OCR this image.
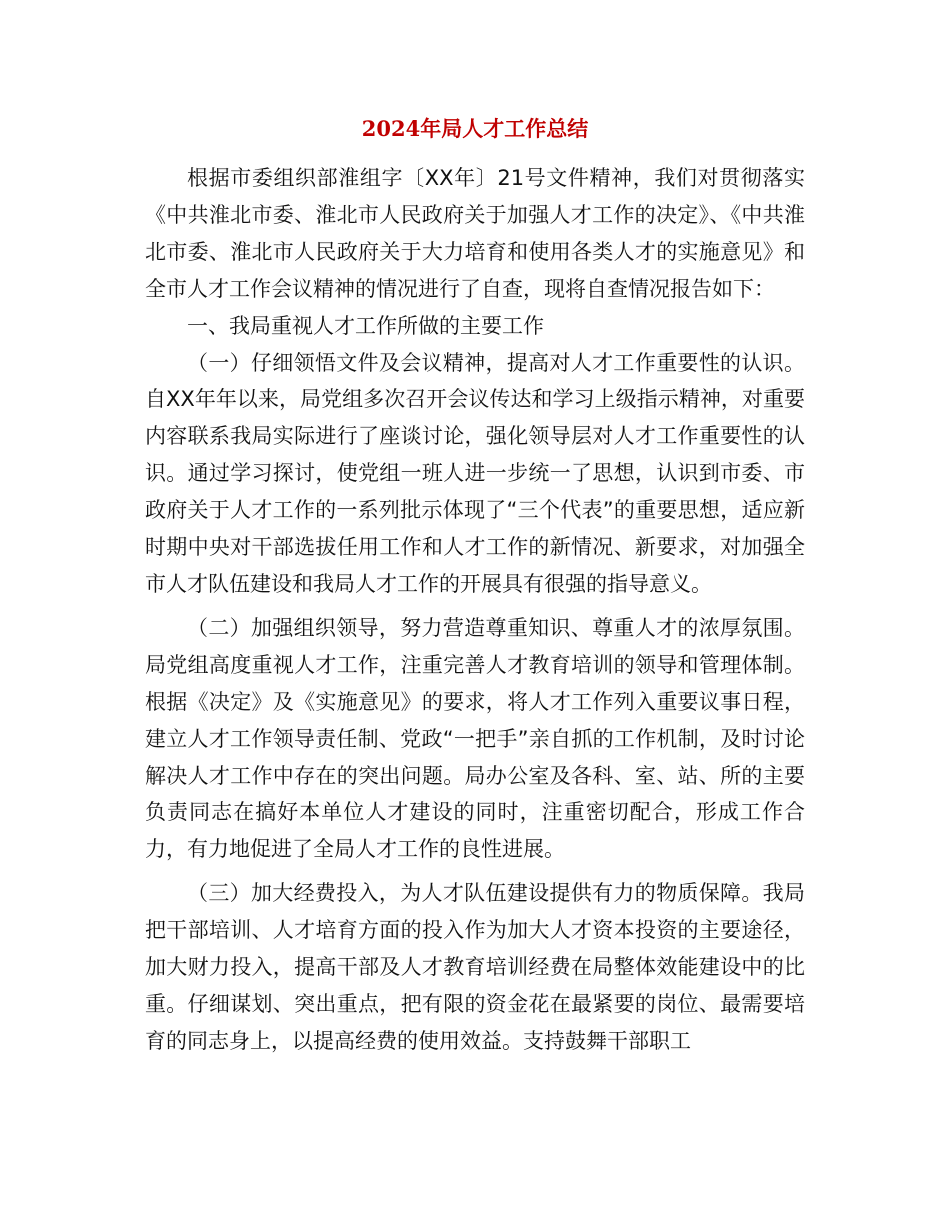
2024年局人才工作总结

根据市委组织部淮组字〔XX年〕21号文件精神，我们对贯彻落实《中共淮北市委、淮北市人民政府关于加强人才工作的决定》、《中共淮北市委、淮北市人民政府关于大力培育和使用各类人才的实施意见》和全市人才工作会议精神的情况进行了自查，现将自查情况报告如下：

一、我局重视人才工作所做的主要工作

（一）仔细领悟文件及会议精神，提高对人才工作重要性的认识。自XX年年以来，局党组多次召开会议传达和学习上级指示精神，对重要内容联系我局实际进行了座谈讨论，强化领导层对人才工作重要性的认识。通过学习探讨，使党组一班人进一步统一了思想，认识到市委、市政府关于人才工作的一系列批示体现了“三个代表”的重要思想，适应新时期中央对干部选拔任用工作和人才工作的新情况、新要求，对加强全市人才队伍建设和我局人才工作的开展具有很强的指导意义。

（二）加强组织领导，努力营造尊重知识、尊重人才的浓厚氛围。局党组高度重视人才工作，注重完善人才教育培训的领导和管理体制。根据《决定》及《实施意见》的要求，将人才工作列入重要议事日程，建立人才工作领导责任制、党政“一把手”亲自抓的工作机制，及时讨论解决人才工作中存在的突出问题。局办公室及各科、室、站、所的主要负责同志在搞好本单位人才建设的同时，注重密切配合，形成工作合力，有力地促进了全局人才工作的良性进展。

（三）加大经费投入，为人才队伍建设提供有力的物质保障。我局把干部培训、人才培育方面的投入作为加大人才资本投资的主要途径，加大财力投入，提高干部及人才教育培训经费在局整体效能建设中的比重。仔细谋划、突出重点，把有限的资金花在最紧要的岗位、最需要培育的同志身上，以提高经费的使用效益。支持鼓舞干部职工
